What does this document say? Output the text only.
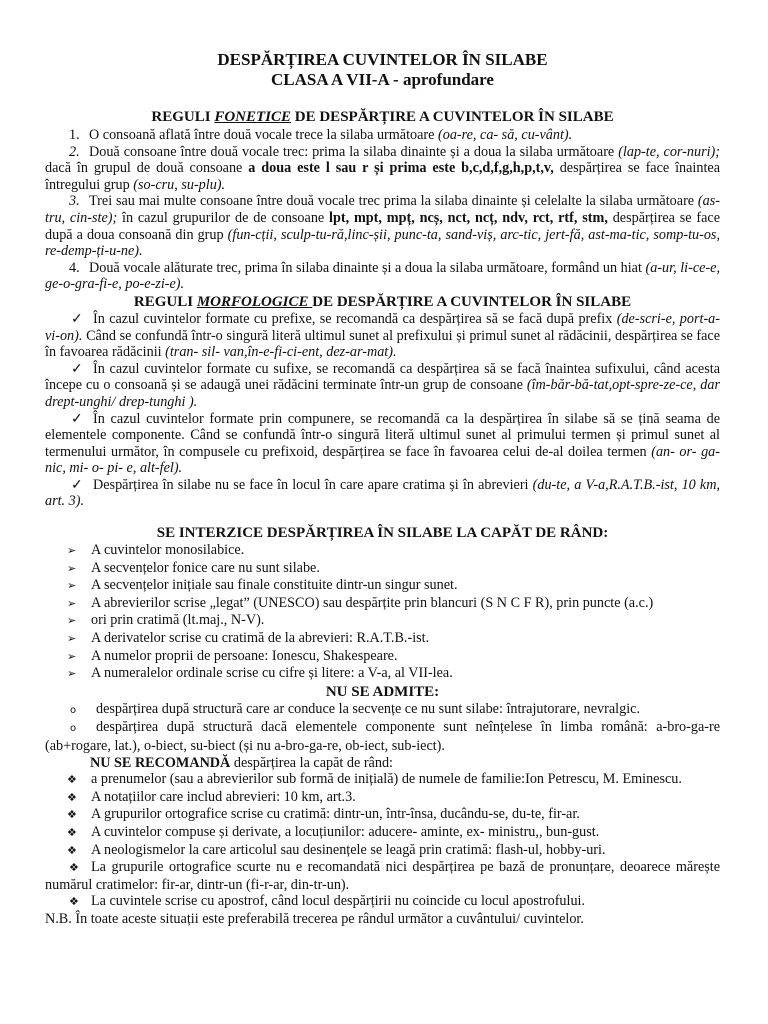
DESPĂRȚIREA CUVINTELOR ÎN SILABE
CLASA A VII-A - aprofundare
REGULI FONETICE DE DESPĂRȚIRE A CUVINTELOR ÎN SILABE

1. O consoană aflată între două vocale trece la silaba următoare (oa-re, ca- să, cu-vânt).

2. Două consoane între două vocale trec: prima la silaba dinainte și a doua la silaba următoare (lap-te, cor-nuri); dacă în grupul de două consoane a doua este l sau r și prima este b,c,d,f,g,h,p,t,v, despărțirea se face înaintea întregului grup (so-cru, su-plu).

3. Trei sau mai multe consoane între două vocale trec prima la silaba dinainte și celelalte la silaba următoare (as-tru, cin-ste); în cazul grupurilor de de consoane lpt, mpt, mpț, ncș, nct, ncț, ndv, rct, rtf, stm, despărțirea se face după a doua consoană din grup (fun-cții, sculp-tu-ră,linc-șii, punc-ta, sand-viș, arc-tic, jert-fă, ast-ma-tic, somp-tu-os, re-demp-ți-u-ne).

4. Două vocale alăturate trec, prima în silaba dinainte și a doua la silaba următoare, formând un hiat (a-ur, li-ce-e, ge-o-gra-fi-e, po-e-zi-e).

REGULI MORFOLOGICE DE DESPĂRȚIRE A CUVINTELOR ÎN SILABE

✓ În cazul cuvintelor formate cu prefixe, se recomandă ca despărțirea să se facă după prefix (de-scri-e, port-a-vi-on). Când se confundă într-o singură literă ultimul sunet al prefixului și primul sunet al rădăcinii, despărțirea se face în favoarea rădăcinii (tran- sil- van,în-e-fi-ci-ent, dez-ar-mat).

✓ În cazul cuvintelor formate cu sufixe, se recomandă ca despărțirea să se facă înaintea sufixului, când acesta începe cu o consoană și se adaugă unei rădăcini terminate într-un grup de consoane (îm-băr-bă-tat,opt-spre-ze-ce, dar drept-unghi/ drep-tunghi ).

✓ În cazul cuvintelor formate prin compunere, se recomandă ca la despărțirea în silabe să se țină seama de elementele componente. Când se confundă într-o singură literă ultimul sunet al primului termen și primul sunet al termenului următor, în compusele cu prefixoid, despărțirea se face în favoarea celui de-al doilea termen (an- or- ga- nic, mi- o- pi- e, alt-fel).

✓ Despărțirea în silabe nu se face în locul în care apare cratima și în abrevieri (du-te, a V-a,R.A.T.B.-ist, 10 km, art. 3).

SE INTERZICE DESPĂRȚIREA ÎN SILABE LA CAPĂT DE RÂND:

➢ A cuvintelor monosilabice.

➢ A secvențelor fonice care nu sunt silabe.

➢ A secvențelor inițiale sau finale constituite dintr-un singur sunet.

➢ A abrevierilor scrise „legat” (UNESCO) sau despărțite prin blancuri (S N C F R), prin puncte (a.c.)

➢ ori prin cratimă (lt.maj., N-V).

➢ A derivatelor scrise cu cratimă de la abrevieri: R.A.T.B.-ist.

➢ A numelor proprii de persoane: Ionescu, Shakespeare.

➢ A numeralelor ordinale scrise cu cifre și litere: a V-a, al VII-lea.

NU SE ADMITE:

o despărțirea după structură care ar conduce la secvențe ce nu sunt silabe: întrajutorare, nevralgic.

o despărțirea după structură dacă elementele componente sunt neînțelese în limba română: a-bro-ga-re (ab+rogare, lat.), o-biect, su-biect (și nu a-bro-ga-re, ob-iect, sub-iect).

NU SE RECOMANDĂ despărțirea la capăt de rând:

❖ a prenumelor (sau a abrevierilor sub formă de inițială) de numele de familie:Ion Petrescu, M. Eminescu.

❖ A notațiilor care includ abrevieri: 10 km, art.3.

❖ A grupurilor ortografice scrise cu cratimă: dintr-un, într-însa, ducându-se, du-te, fir-ar.

❖ A cuvintelor compuse și derivate, a locuțiunilor: aducere- aminte, ex- ministru,, bun-gust.

❖ A neologismelor la care articolul sau desinențele se leagă prin cratimă: flash-ul, hobby-uri.

❖ La grupurile ortografice scurte nu e recomandată nici despărțirea pe bază de pronunțare, deoarece mărește numărul cratimelor: fir-ar, dintr-un (fi-r-ar, din-tr-un).

❖ La cuvintele scrise cu apostrof, când locul despărțirii nu coincide cu locul apostrofului.

N.B. În toate aceste situații este preferabilă trecerea pe rândul următor a cuvântului/ cuvintelor.
